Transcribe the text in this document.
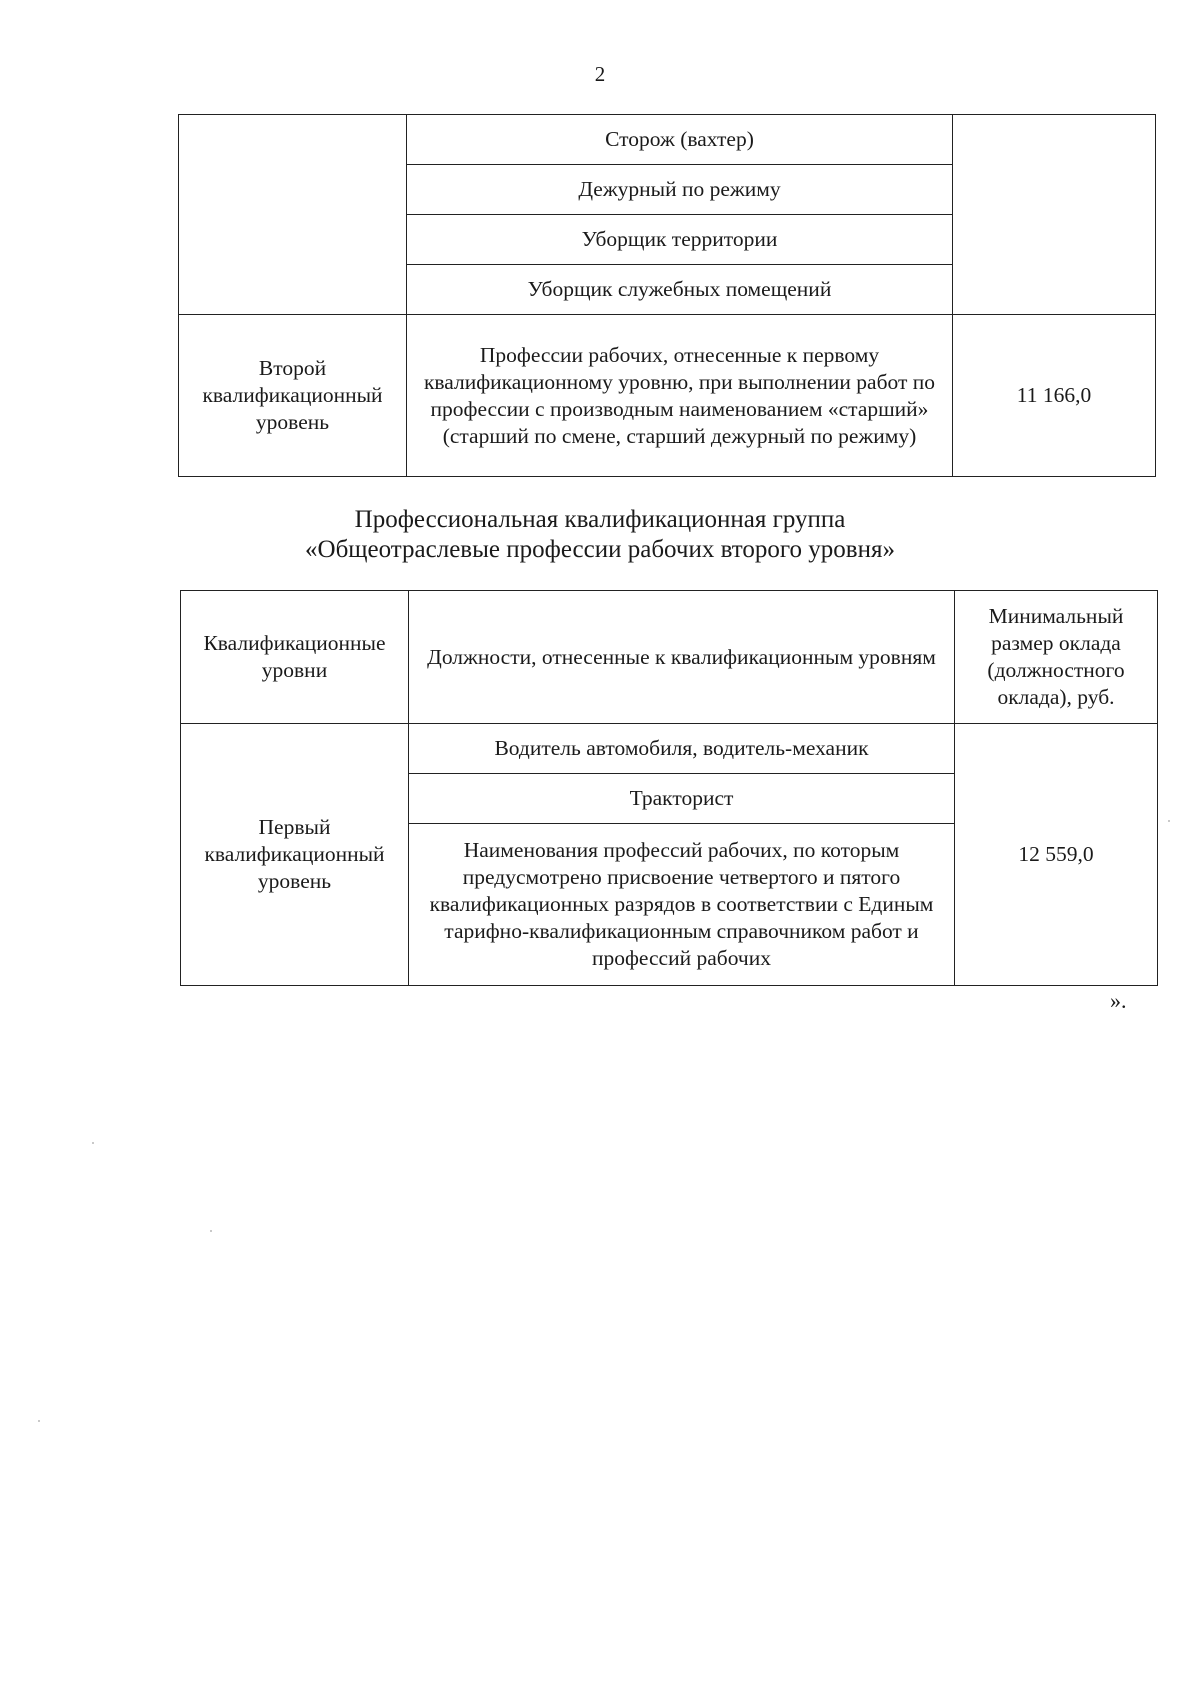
2
	Сторож (вахтер)	
	Дежурный по режиму	
	Уборщик территории	
	Уборщик служебных помещений	
Второй квалификационный уровень	Профессии рабочих, отнесенные к первому квалификационному уровню, при выполнении работ по профессии с производным наименованием «старший» (старший по смене, старший дежурный по режиму)	11 166,0
Профессиональная квалификационная группа
«Общеотраслевые профессии рабочих второго уровня»
Квалификационные уровни	Должности, отнесенные к квалификационным уровням	Минимальный размер оклада (должностного оклада), руб.
Первый квалификационный уровень	Водитель автомобиля, водитель-механик	12 559,0
	Тракторист	
	Наименования профессий рабочих, по которым предусмотрено присвоение четвертого и пятого квалификационных разрядов в соответствии с Единым тарифно-квалификационным справочником работ и профессий рабочих	
».
